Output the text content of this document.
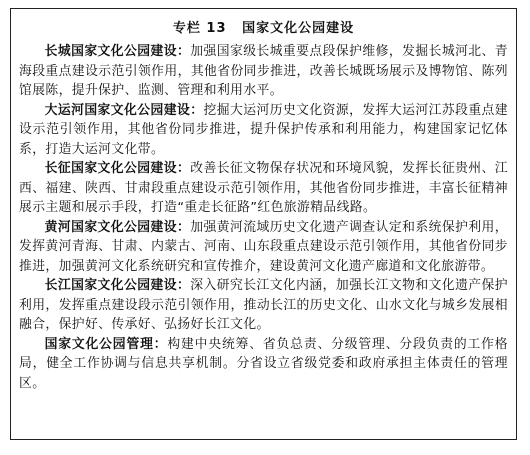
专栏 13 国家文化公园建设

长城国家文化公园建设：加强国家级长城重要点段保护维修，发掘长城河北、青海段重点建设示范引领作用，其他省份同步推进，改善长城既场展示及博物馆、陈列馆展陈，提升保护、监测、管理和利用水平。

大运河国家文化公园建设：挖掘大运河历史文化资源，发挥大运河江苏段重点建设示范引领作用，其他省份同步推进，提升保护传承和利用能力，构建国家记忆体系，打造大运河文化带。

长征国家文化公园建设：改善长征文物保存状况和环境风貌，发挥长征贵州、江西、福建、陕西、甘肃段重点建设示范引领作用，其他省份同步推进，丰富长征精神展示主题和展示手段，打造“重走长征路”红色旅游精品线路。

黄河国家文化公园建设：加强黄河流域历史文化遗产调查认定和系统保护利用，发挥黄河青海、甘肃、内蒙古、河南、山东段重点建设示范引领作用，其他省份同步推进，加强黄河文化系统研究和宣传推介，建设黄河文化遗产廊道和文化旅游带。

长江国家文化公园建设：深入研究长江文化内涵，加强长江文物和文化遗产保护利用，发挥重点建设段示范引领作用，推动长江的历史文化、山水文化与城乡发展相融合，保护好、传承好、弘扬好长江文化。

国家文化公园管理：构建中央统筹、省负总责、分级管理、分段负责的工作格局，健全工作协调与信息共享机制。分省设立省级党委和政府承担主体责任的管理区。
